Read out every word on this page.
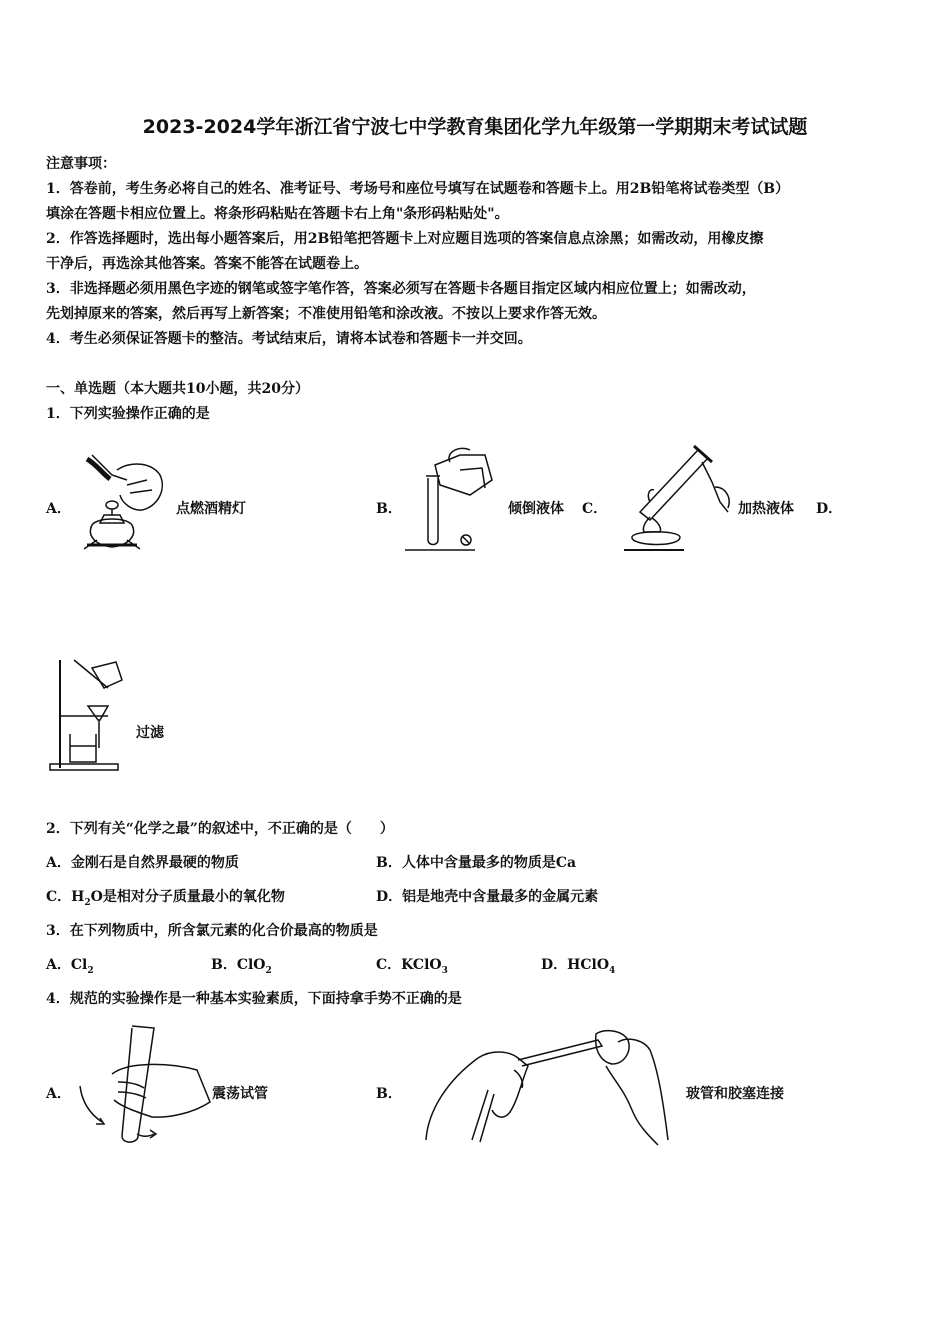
2023-2024学年浙江省宁波七中学教育集团化学九年级第一学期期末考试试题
注意事项：
1．答卷前，考生务必将自己的姓名、准考证号、考场号和座位号填写在试题卷和答题卡上。用2B铅笔将试卷类型（B）
填涂在答题卡相应位置上。将条形码粘贴在答题卡右上角"条形码粘贴处"。
2．作答选择题时，选出每小题答案后，用2B铅笔把答题卡上对应题目选项的答案信息点涂黑；如需改动，用橡皮擦
干净后，再选涂其他答案。答案不能答在试题卷上。
3．非选择题必须用黑色字迹的钢笔或签字笔作答，答案必须写在答题卡各题目指定区域内相应位置上；如需改动，
先划掉原来的答案，然后再写上新答案；不准使用铅笔和涂改液。不按以上要求作答无效。
4．考生必须保证答题卡的整洁。考试结束后，请将本试卷和答题卡一并交回。
一、单选题（本大题共10小题，共20分）
1．下列实验操作正确的是
A．	点燃酒精灯	B．	倾倒液体 C．	加热液体 D．
过滤
2．下列有关“化学之最”的叙述中，不正确的是（　　）
A．金刚石是自然界最硬的物质	B．人体中含量最多的物质是Ca
C．$H_2O$是相对分子质量最小的氧化物	D．铝是地壳中含量最多的金属元素
3．在下列物质中，所含氯元素的化合价最高的物质是
A．$Cl_2$	B．ClO$_2$	C．KClO$_3$	D．HClO$_4$
4．规范的实验操作是一种基本实验素质，下面持拿手势不正确的是
A．	震荡试管	B．	玻管和胶塞连接
